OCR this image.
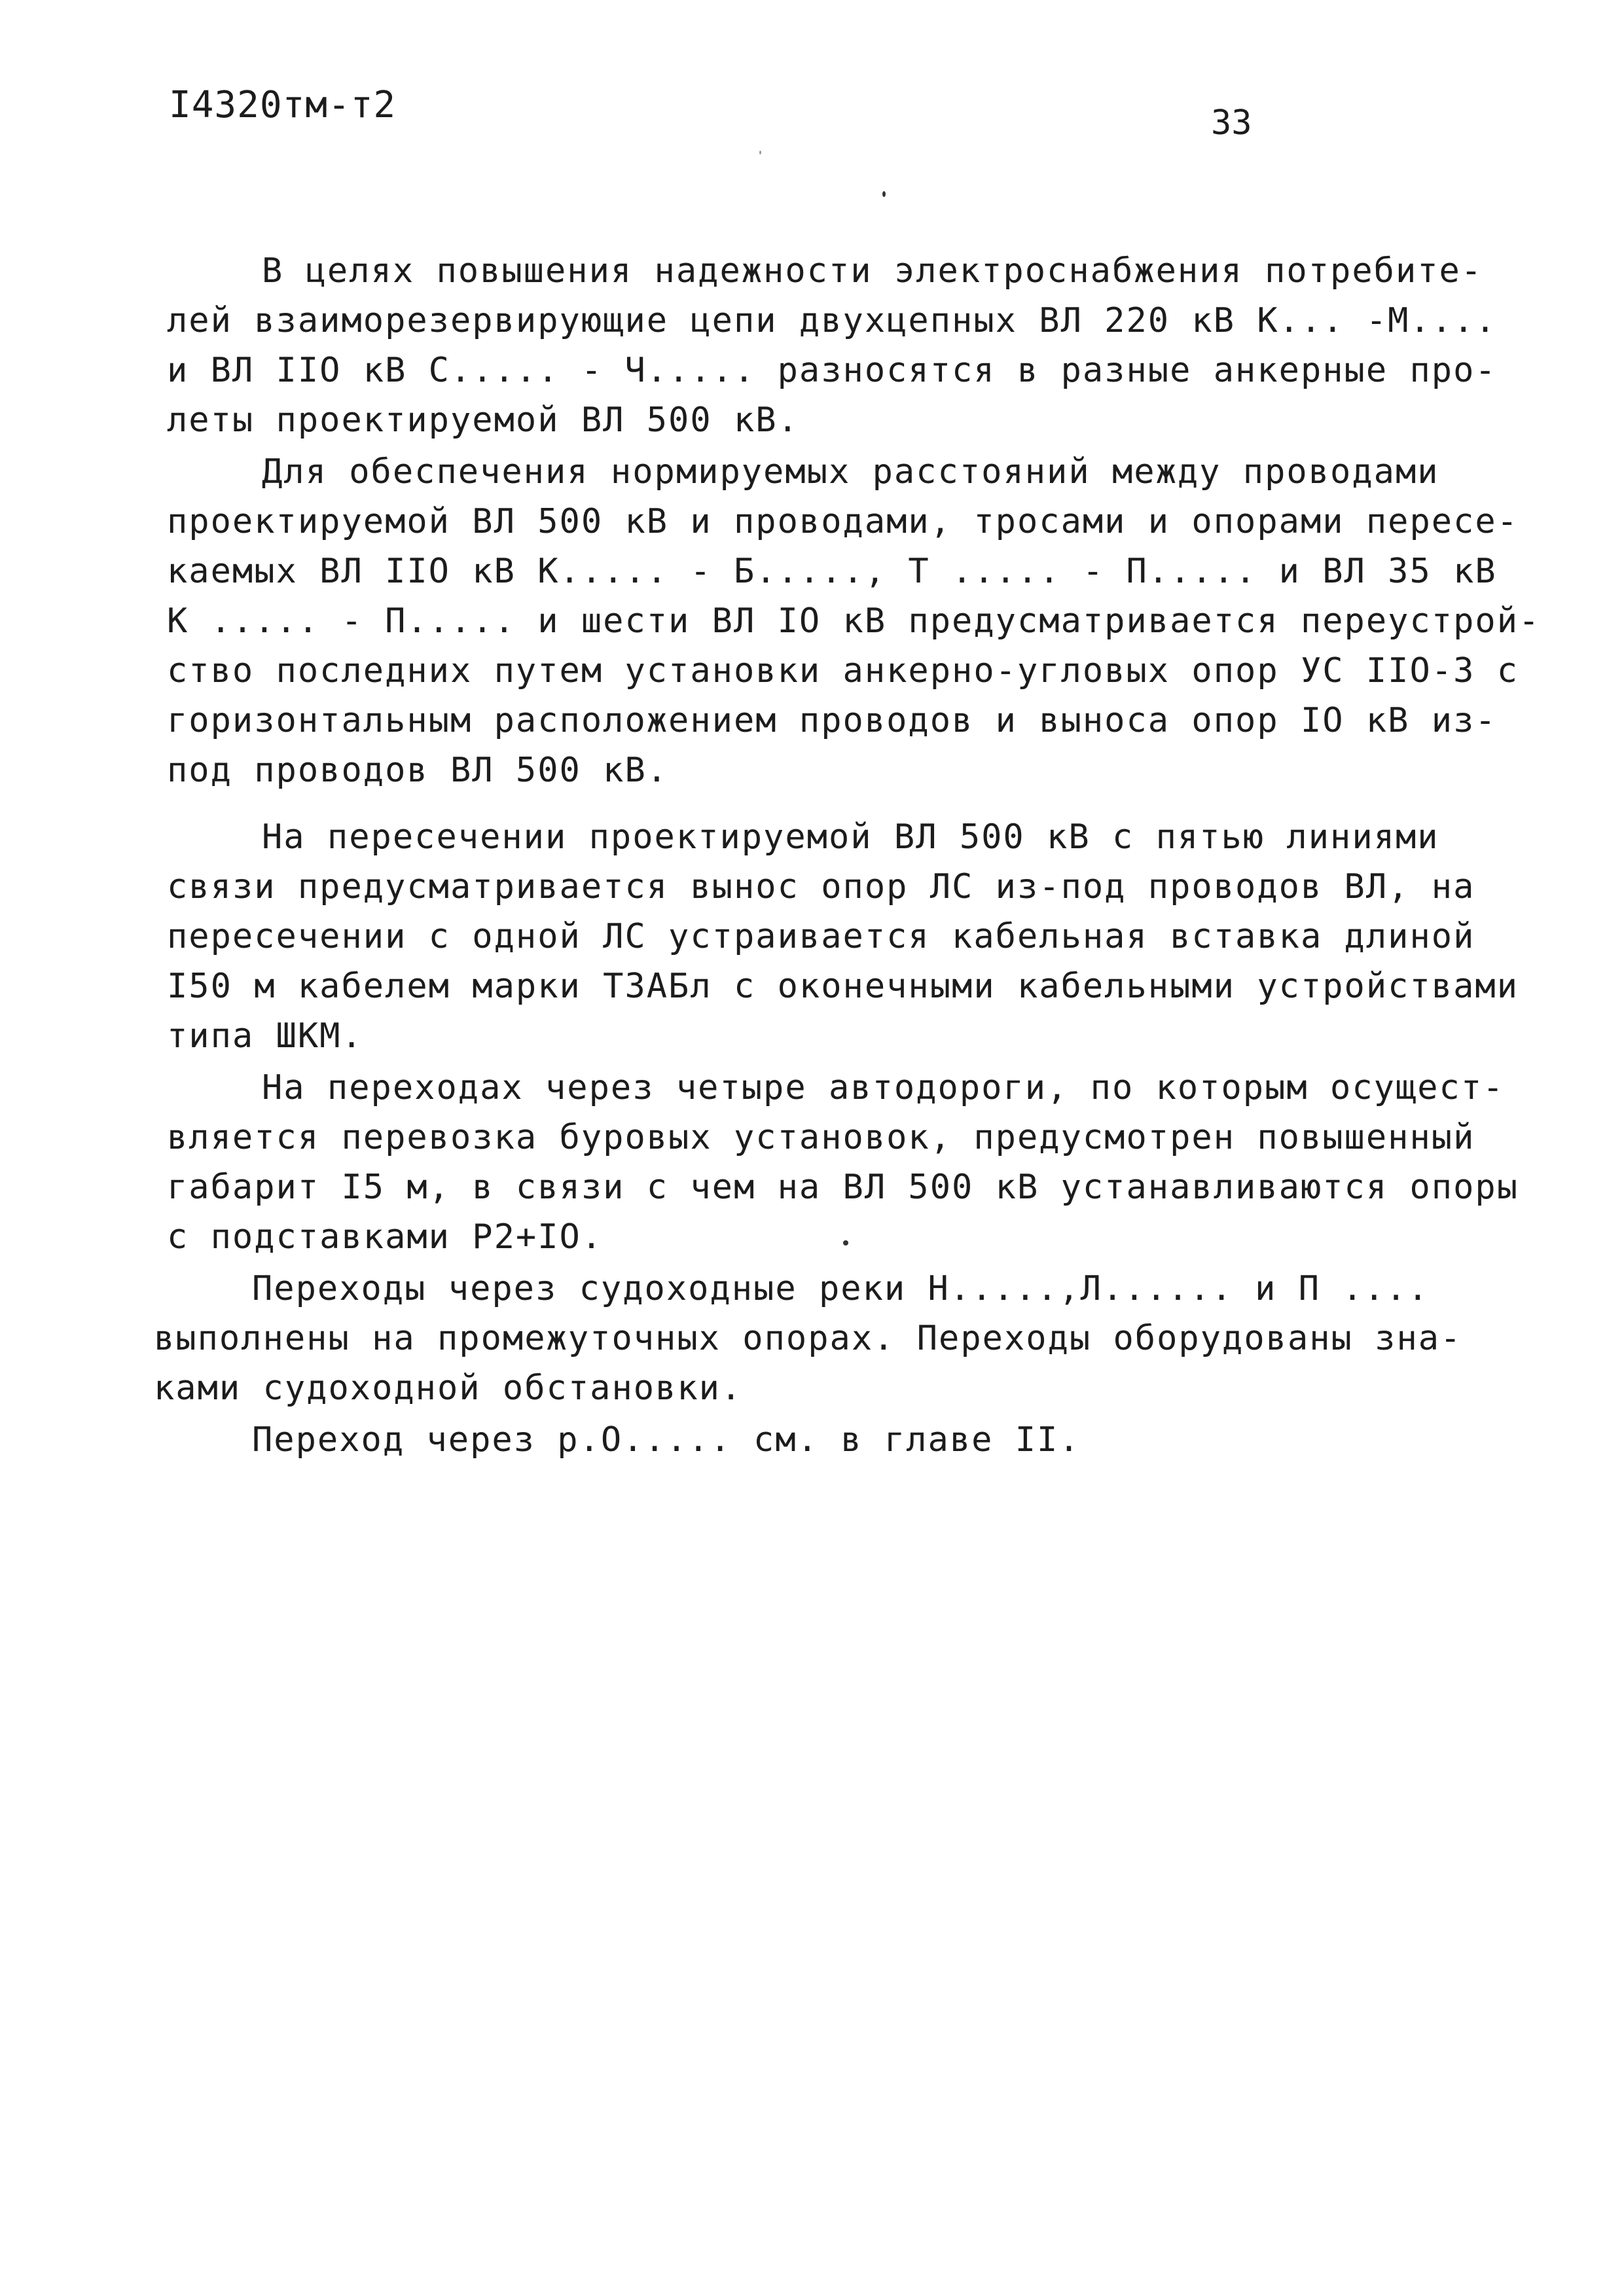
I4320тм-т2	33
В целях повышения надежности электроснабжения потребите-
лей взаиморезервирующие цепи двухцепных ВЛ 220 кВ К... -М....
и ВЛ IIО кВ С..... - Ч..... разносятся в разные анкерные про-
леты проектируемой ВЛ 500 кВ.
Для обеспечения нормируемых расстояний между проводами
проектируемой ВЛ 500 кВ и проводами, тросами и опорами пересе-
каемых ВЛ IIО кВ К..... - Б....., Т ..... - П..... и ВЛ 35 кВ
К ..... - П..... и шести ВЛ IО кВ предусматривается переустрой-
ство последних путем установки анкерно-угловых опор УС IIО-3 с
горизонтальным расположением проводов и выноса опор IО кВ из-
под проводов ВЛ 500 кВ.
На пересечении проектируемой ВЛ 500 кВ с пятью линиями
связи предусматривается вынос опор ЛС из-под проводов ВЛ, на
пересечении с одной ЛС устраивается кабельная вставка длиной
I50 м кабелем марки ТЗАБл с оконечными кабельными устройствами
типа ШКМ.
На переходах через четыре автодороги, по которым осущест-
вляется перевозка буровых установок, предусмотрен повышенный
габарит I5 м, в связи с чем на ВЛ 500 кВ устанавливаются опоры
с подставками Р2+IО.
Переходы через судоходные реки Н.....,Л...... и П ....
выполнены на промежуточных опорах. Переходы оборудованы зна-
ками судоходной обстановки.
Переход через р.О..... см. в главе II.
